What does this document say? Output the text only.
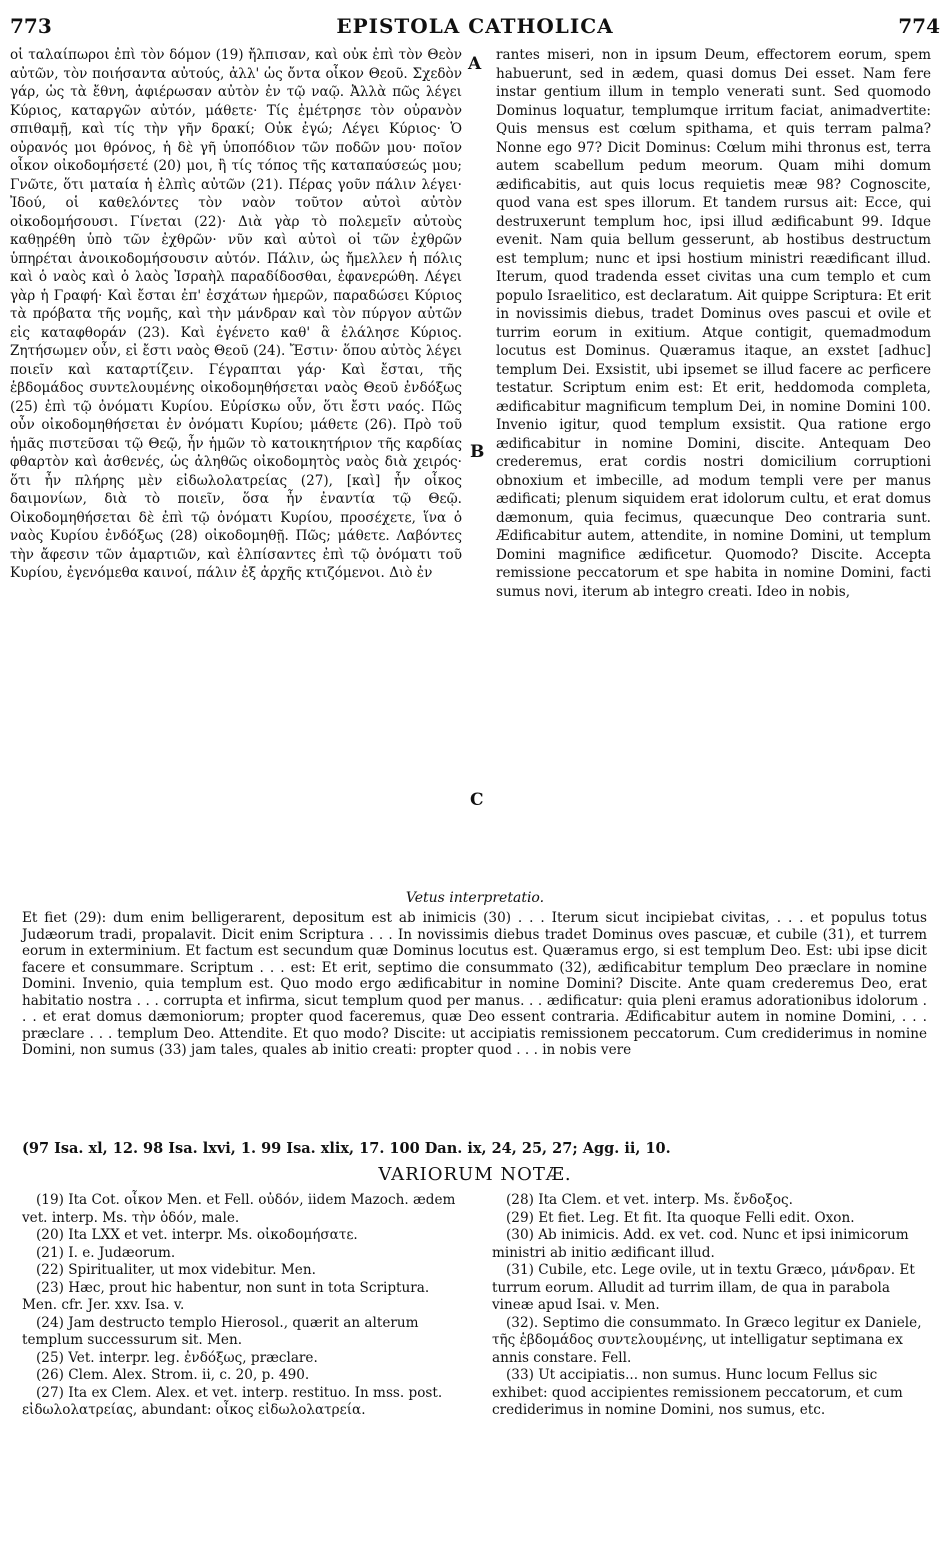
773	EPISTOLA CATHOLICA	774

οἱ ταλαίπωροι ἐπὶ τὸν δόμον (19) ἤλπισαν, καὶ οὐκ ἐπὶ τὸν Θεὸν αὐτῶν, τὸν ποιήσαντα αὐτούς, ἀλλ' ὡς ὄντα οἶκον Θεοῦ. Σχεδὸν γάρ, ὡς τὰ ἔθνη, ἀφιέρωσαν αὐτὸν ἐν τῷ ναῷ. Ἀλλὰ πῶς λέγει Κύριος, καταργῶν αὐτόν, μάθετε· Τίς ἐμέτρησε τὸν οὐρανὸν σπιθαμῇ, καὶ τίς τὴν γῆν δρακί; Οὐκ ἐγώ; Λέγει Κύριος· Ὁ οὐρανός μοι θρόνος, ἡ δὲ γῆ ὑποπόδιον τῶν ποδῶν μου· ποῖον οἶκον οἰκοδομήσετέ (20) μοι, ἢ τίς τόπος τῆς καταπαύσεώς μου; Γνῶτε, ὅτι ματαία ἡ ἐλπὶς αὐτῶν (21). Πέρας γοῦν πάλιν λέγει· Ἰδού, οἱ καθελόντες τὸν ναὸν τοῦτον αὐτοὶ αὐτὸν οἰκοδομήσουσι. Γίνεται (22)· Διὰ γὰρ τὸ πολεμεῖν αὐτοὺς καθῃρέθη ὑπὸ τῶν ἐχθρῶν· νῦν καὶ αὐτοὶ οἱ τῶν ἐχθρῶν ὑπηρέται ἀνοικοδομήσουσιν αὐτόν. Πάλιν, ὡς ἤμελλεν ἡ πόλις καὶ ὁ ναὸς καὶ ὁ λαὸς Ἰσραὴλ παραδίδοσθαι, ἐφανερώθη. Λέγει γὰρ ἡ Γραφή· Καὶ ἔσται ἐπ' ἐσχάτων ἡμερῶν, παραδώσει Κύριος τὰ πρόβατα τῆς νομῆς, καὶ τὴν μάνδραν καὶ τὸν πύργον αὐτῶν εἰς καταφθοράν (23). Καὶ ἐγένετο καθ' ἃ ἐλάλησε Κύριος. Ζητήσωμεν οὖν, εἰ ἔστι ναὸς Θεοῦ (24). Ἔστιν· ὅπου αὐτὸς λέγει ποιεῖν καὶ καταρτίζειν. Γέγραπται γάρ· Καὶ ἔσται, τῆς ἑβδομάδος συντελουμένης οἰκοδομηθήσεται ναὸς Θεοῦ ἐνδόξως (25) ἐπὶ τῷ ὀνόματι Κυρίου. Εὑρίσκω οὖν, ὅτι ἔστι ναός. Πῶς οὖν οἰκοδομηθήσεται ἐν ὀνόματι Κυρίου; μάθετε (26). Πρὸ τοῦ ἡμᾶς πιστεῦσαι τῷ Θεῷ, ἦν ἡμῶν τὸ κατοικητήριον τῆς καρδίας φθαρτὸν καὶ ἀσθενές, ὡς ἀληθῶς οἰκοδομητὸς ναὸς διὰ χειρός· ὅτι ἦν πλήρης μὲν εἰδωλολατρείας (27), [καὶ] ἦν οἶκος δαιμονίων, διὰ τὸ ποιεῖν, ὅσα ἦν ἐναντία τῷ Θεῷ. Οἰκοδομηθήσεται δὲ ἐπὶ τῷ ὀνόματι Κυρίου, προσέχετε, ἵνα ὁ ναὸς Κυρίου ἐνδόξως (28) οἰκοδομηθῇ. Πῶς; μάθετε. Λαβόντες τὴν ἄφεσιν τῶν ἁμαρτιῶν, καὶ ἐλπίσαντες ἐπὶ τῷ ὀνόματι τοῦ Κυρίου, ἐγενόμεθα καινοί, πάλιν ἐξ ἀρχῆς κτιζόμενοι. Διὸ ἐν

A
B
C

rantes miseri, non in ipsum Deum, effectorem eorum, spem habuerunt, sed in ædem, quasi domus Dei esset. Nam fere instar gentium illum in templo venerati sunt. Sed quomodo Dominus loquatur, templumque irritum faciat, animadvertite: Quis mensus est cœlum spithama, et quis terram palma? Nonne ego 97? Dicit Dominus: Cœlum mihi thronus est, terra autem scabellum pedum meorum. Quam mihi domum ædificabitis, aut quis locus requietis meæ 98? Cognoscite, quod vana est spes illorum. Et tandem rursus ait: Ecce, qui destruxerunt templum hoc, ipsi illud ædificabunt 99. Idque evenit. Nam quia bellum gesserunt, ab hostibus destructum est templum; nunc et ipsi hostium ministri reædificant illud. Iterum, quod tradenda esset civitas una cum templo et cum populo Israelitico, est declaratum. Ait quippe Scriptura: Et erit in novissimis diebus, tradet Dominus oves pascui et ovile et turrim eorum in exitium. Atque contigit, quemadmodum locutus est Dominus. Quæramus itaque, an exstet [adhuc] templum Dei. Exsistit, ubi ipsemet se illud facere ac perficere testatur. Scriptum enim est: Et erit, heddomoda completa, ædificabitur magnificum templum Dei, in nomine Domini 100. Invenio igitur, quod templum exsistit. Qua ratione ergo ædificabitur in nomine Domini, discite. Antequam Deo crederemus, erat cordis nostri domicilium corruptioni obnoxium et imbecille, ad modum templi vere per manus ædificati; plenum siquidem erat idolorum cultu, et erat domus dæmonum, quia fecimus, quæcunque Deo contraria sunt. Ædificabitur autem, attendite, in nomine Domini, ut templum Domini magnifice ædificetur. Quomodo? Discite. Accepta remissione peccatorum et spe habita in nomine Domini, facti sumus novi, iterum ab integro creati. Ideo in nobis,

Vetus interpretatio.
Et fiet (29): dum enim belligerarent, depositum est ab inimicis (30) . . . Iterum sicut incipiebat civitas, . . . et populus totus Judæorum tradi, propalavit. Dicit enim Scriptura . . . In novissimis diebus tradet Dominus oves pascuæ, et cubile (31), et turrem eorum in exterminium. Et factum est secundum quæ Dominus locutus est. Quæramus ergo, si est templum Deo. Est: ubi ipse dicit facere et consummare. Scriptum . . . est: Et erit, septimo die consummato (32), ædificabitur templum Deo præclare in nomine Domini. Invenio, quia templum est. Quo modo ergo ædificabitur in nomine Domini? Discite. Ante quam crederemus Deo, erat habitatio nostra . . . corrupta et infirma, sicut templum quod per manus. . . ædificatur: quia pleni eramus adorationibus idolorum . . . et erat domus dæmoniorum; propter quod faceremus, quæ Deo essent contraria. Ædificabitur autem in nomine Domini, . . . præclare . . . templum Deo. Attendite. Et quo modo? Discite: ut accipiatis remissionem peccatorum. Cum crediderimus in nomine Domini, non sumus (33) jam tales, quales ab initio creati: propter quod . . . in nobis vere
(97 Isa. xl, 12. 98 Isa. lxvi, 1. 99 Isa. xlix, 17. 100 Dan. ix, 24, 25, 27; Agg. ii, 10.
VARIORUM NOTÆ.

(19) Ita Cot. οἶκον Men. et Fell. οὐδόν, iidem Mazoch. ædem vet. interp. Ms. τὴν ὁδόν, male.

(20) Ita LXX et vet. interpr. Ms. οἰκοδομήσατε.

(21) I. e. Judæorum.

(22) Spiritualiter, ut mox videbitur. Men.

(23) Hæc, prout hic habentur, non sunt in tota Scriptura. Men. cfr. Jer. xxv. Isa. v.

(24) Jam destructo templo Hierosol., quærit an alterum templum successurum sit. Men.

(25) Vet. interpr. leg. ἐνδόξως, præclare.

(26) Clem. Alex. Strom. ii, c. 20, p. 490.

(27) Ita ex Clem. Alex. et vet. interp. restituo. In mss. post. εἰδωλολατρείας, abundant: οἶκος εἰδωλολατρεία.

(28) Ita Clem. et vet. interp. Ms. ἔνδοξος.

(29) Et fiet. Leg. Et fit. Ita quoque Felli edit. Oxon.

(30) Ab inimicis. Add. ex vet. cod. Nunc et ipsi inimicorum ministri ab initio ædificant illud.

(31) Cubile, etc. Lege ovile, ut in textu Græco, μάνδραν. Et turrum eorum. Alludit ad turrim illam, de qua in parabola vineæ apud Isai. v. Men.

(32). Septimo die consummato. In Græco legitur ex Daniele, τῆς ἑβδομάδος συντελουμένης, ut intelligatur septimana ex annis constare. Fell.

(33) Ut accipiatis... non sumus. Hunc locum Fellus sic exhibet: quod accipientes remissionem peccatorum, et cum crediderimus in nomine Domini, nos sumus, etc.
